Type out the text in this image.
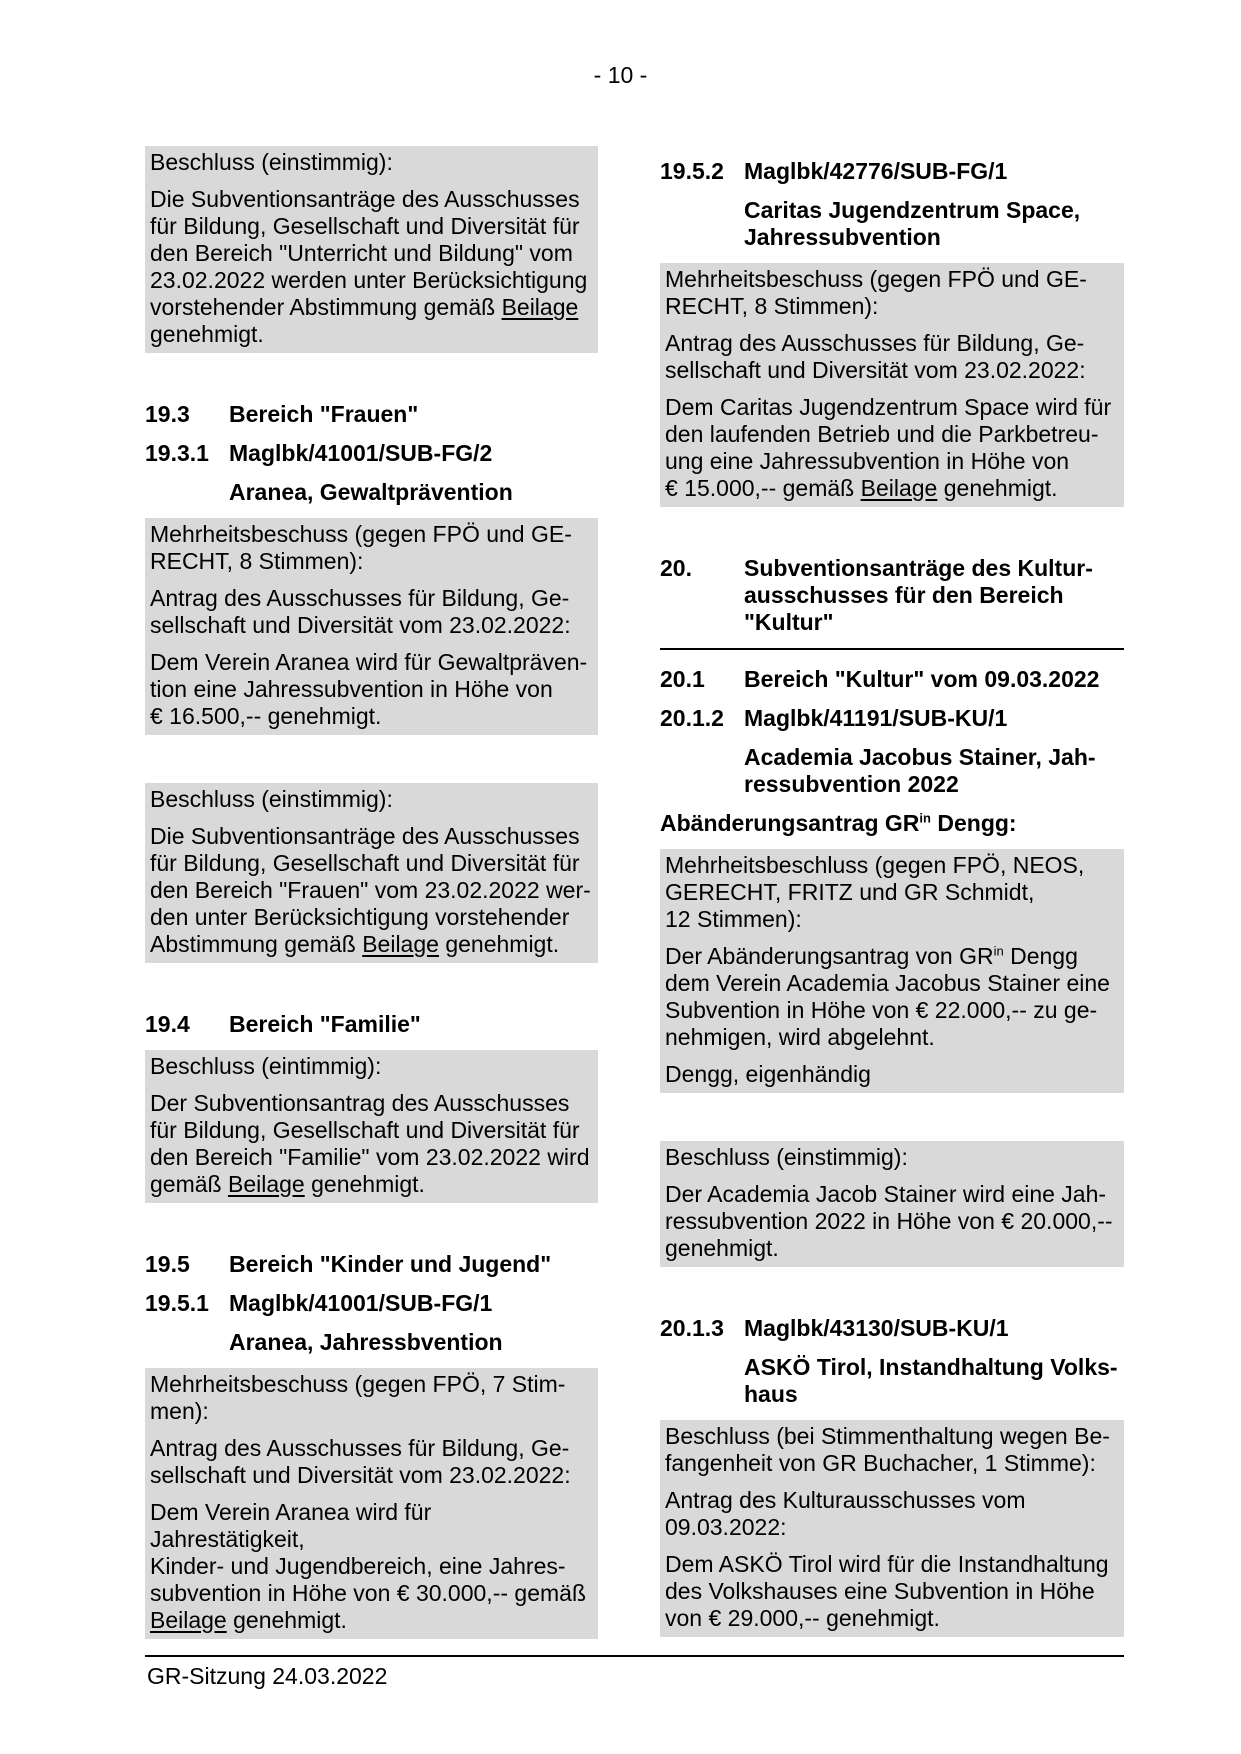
- 10 -

Beschluss (einstimmig):

Die Subventionsanträge des Ausschusses
für Bildung, Gesellschaft und Diversität für
den Bereich "Unterricht und Bildung" vom
23.02.2022 werden unter Berücksichtigung
vorstehender Abstimmung gemäß Beilage
genehmigt.

19.3	Bereich "Frauen"
19.3.1 Maglbk/41001/SUB-FG/2
Aranea, Gewaltprävention

Mehrheitsbeschuss (gegen FPÖ und GE-
RECHT, 8 Stimmen):

Antrag des Ausschusses für Bildung, Ge-
sellschaft und Diversität vom 23.02.2022:

Dem Verein Aranea wird für Gewaltpräven-
tion eine Jahressubvention in Höhe von
€ 16.500,-- genehmigt.

Beschluss (einstimmig):

Die Subventionsanträge des Ausschusses
für Bildung, Gesellschaft und Diversität für
den Bereich "Frauen" vom 23.02.2022 wer-
den unter Berücksichtigung vorstehender
Abstimmung gemäß Beilage genehmigt.

19.4	Bereich "Familie"

Beschluss (eintimmig):

Der Subventionsantrag des Ausschusses
für Bildung, Gesellschaft und Diversität für
den Bereich "Familie" vom 23.02.2022 wird
gemäß Beilage genehmigt.

19.5	Bereich "Kinder und Jugend"
19.5.1 Maglbk/41001/SUB-FG/1
Aranea, Jahressbvention

Mehrheitsbeschuss (gegen FPÖ, 7 Stim-
men):

Antrag des Ausschusses für Bildung, Ge-
sellschaft und Diversität vom 23.02.2022:

Dem Verein Aranea wird für Jahrestätigkeit,
Kinder- und Jugendbereich, eine Jahres-
subvention in Höhe von € 30.000,-- gemäß
Beilage genehmigt.

19.5.2 Maglbk/42776/SUB-FG/1
Caritas Jugendzentrum Space,
Jahressubvention

Mehrheitsbeschuss (gegen FPÖ und GE-
RECHT, 8 Stimmen):

Antrag des Ausschusses für Bildung, Ge-
sellschaft und Diversität vom 23.02.2022:

Dem Caritas Jugendzentrum Space wird für
den laufenden Betrieb und die Parkbetreu-
ung eine Jahressubvention in Höhe von
€ 15.000,-- gemäß Beilage genehmigt.

20.	Subventionsanträge des Kultur-
ausschusses für den Bereich
"Kultur"
20.1	Bereich "Kultur" vom 09.03.2022
20.1.2 Maglbk/41191/SUB-KU/1
Academia Jacobus Stainer, Jah-
ressubvention 2022
Abänderungsantrag $GR^{in}$ Dengg:

Mehrheitsbeschluss (gegen FPÖ, NEOS,
GERECHT, FRITZ und GR Schmidt,
12 Stimmen):

Der Abänderungsantrag von $GR^{in}$ Dengg
dem Verein Academia Jacobus Stainer eine
Subvention in Höhe von € 22.000,-- zu ge-
nehmigen, wird abgelehnt.

Dengg, eigenhändig

Beschluss (einstimmig):

Der Academia Jacob Stainer wird eine Jah-
ressubvention 2022 in Höhe von € 20.000,--
genehmigt.

20.1.3 Maglbk/43130/SUB-KU/1
ASKÖ Tirol, Instandhaltung Volks-
haus

Beschluss (bei Stimmenthaltung wegen Be-
fangenheit von GR Buchacher, 1 Stimme):

Antrag des Kulturausschusses vom
09.03.2022:

Dem ASKÖ Tirol wird für die Instandhaltung
des Volkshauses eine Subvention in Höhe
von € 29.000,-- genehmigt.

GR-Sitzung 24.03.2022
